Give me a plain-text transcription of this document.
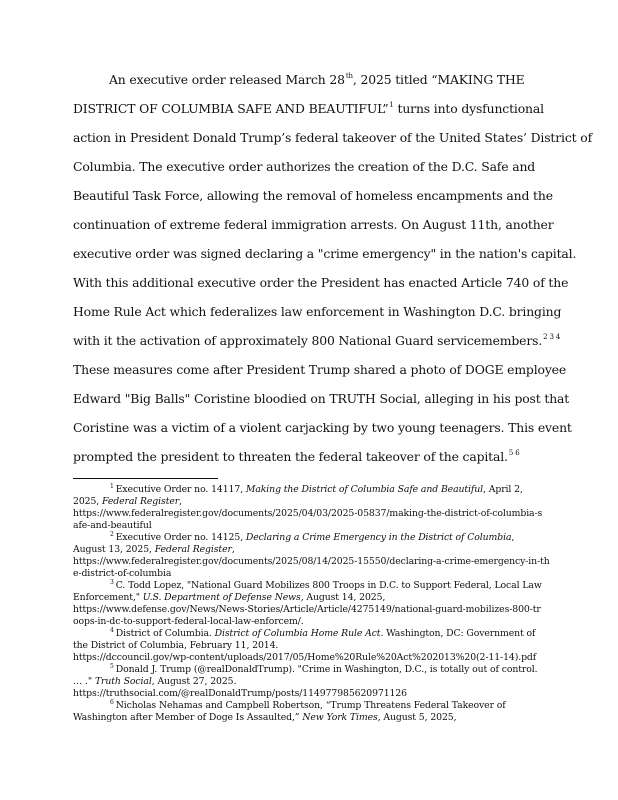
An executive order released March 28th, 2025 titled “MAKING THE
DISTRICT OF COLUMBIA SAFE AND BEAUTIFUL”$^1$ turns into dysfunctional
action in President Donald Trump’s federal takeover of the United States’ District of
Columbia. The executive order authorizes the creation of the D.C. Safe and
Beautiful Task Force, allowing the removal of homeless encampments and the
continuation of extreme federal immigration arrests. On August 11th, another
executive order was signed declaring a "crime emergency" in the nation's capital.
With this additional executive order the President has enacted Article 740 of the
Home Rule Act which federalizes law enforcement in Washington D.C. bringing
with it the activation of approximately 800 National Guard servicemembers.$^{2 3 4}$
These measures come after President Trump shared a photo of DOGE employee
Edward "Big Balls" Coristine bloodied on TRUTH Social, alleging in his post that
Coristine was a victim of a violent carjacking by two young teenagers. This event
prompted the president to threaten the federal takeover of the capital.$^{5 6}$
$^1$ Executive Order no. 14117, Making the District of Columbia Safe and Beautiful, April 2,
2025, Federal Register,
https://www.federalregister.gov/documents/2025/04/03/2025-05837/making-the-district-of-columbia-s
afe-and-beautiful
$^2$ Executive Order no. 14125, Declaring a Crime Emergency in the District of Columbia,
August 13, 2025, Federal Register,
https://www.federalregister.gov/documents/2025/08/14/2025-15550/declaring-a-crime-emergency-in-th
e-district-of-columbia
$^3$ C. Todd Lopez, "National Guard Mobilizes 800 Troops in D.C. to Support Federal, Local Law
Enforcement," U.S. Department of Defense News, August 14, 2025,
https://www.defense.gov/News/News-Stories/Article/Article/4275149/national-guard-mobilizes-800-tr
oops-in-dc-to-support-federal-local-law-enforcem/.
$^4$ District of Columbia. District of Columbia Home Rule Act. Washington, DC: Government of
the District of Columbia, February 11, 2014.
https://dccouncil.gov/wp-content/uploads/2017/05/Home%20Rule%20Act%202013%20(2-11-14).pdf
$^5$ Donald J. Trump (@realDonaldTrump). "Crime in Washington, D.C., is totally out of control.
… ." Truth Social, August 27, 2025.
https://truthsocial.com/@realDonaldTrump/posts/114977985620971126
$^6$ Nicholas Nehamas and Campbell Robertson, “Trump Threatens Federal Takeover of
Washington after Member of Doge Is Assaulted,” New York Times, August 5, 2025,
